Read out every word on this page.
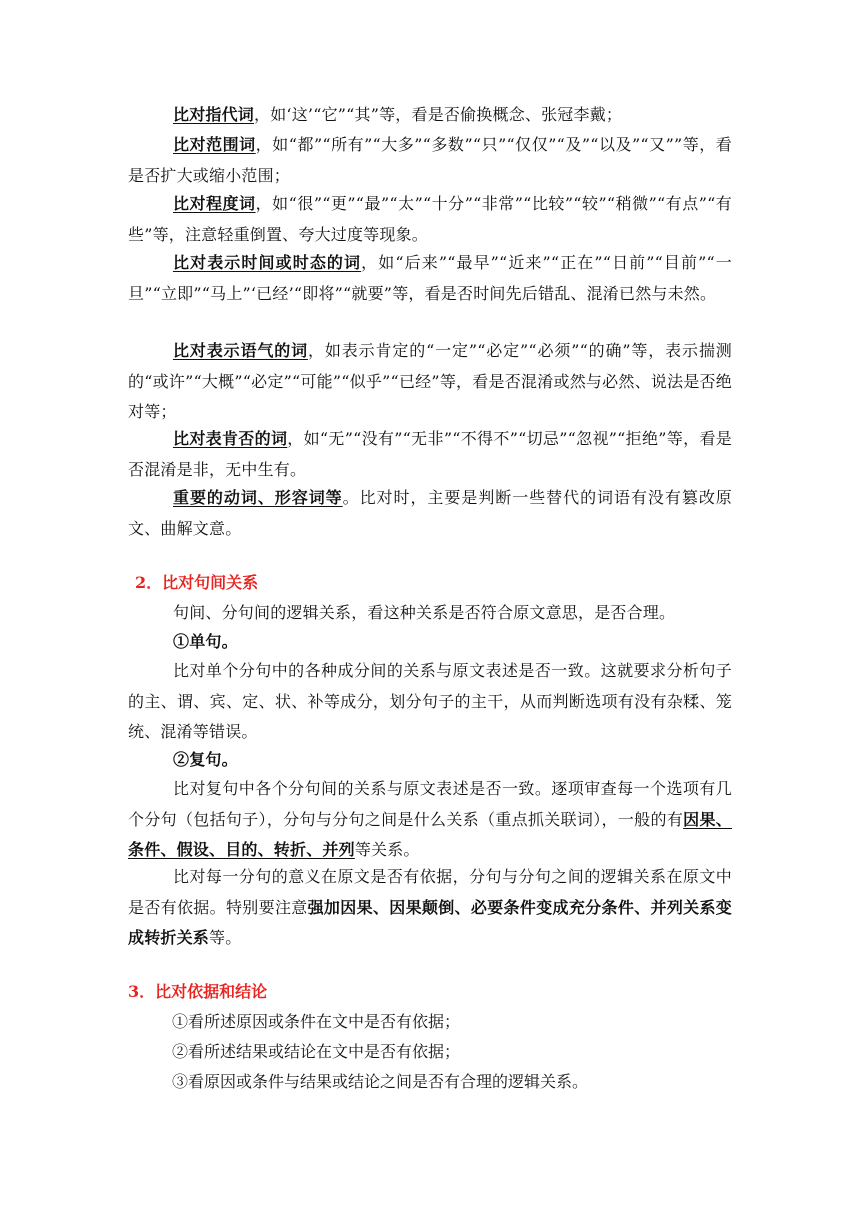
比对指代词，如‘这’“它”“其”等，看是否偷换概念、张冠李戴；

比对范围词，如“都”“所有”“大多”“多数”“只”“仅仅”“及”“以及”“又””等，看是否扩大或缩小范围；

比对程度词，如“很”“更”“最”“太”“十分”“非常”“比较”“较”“稍微”“有点”“有些”等，注意轻重倒置、夸大过度等现象。

比对表示时间或时态的词，如“后来”“最早”“近来”“正在”“日前”“目前”“一旦”“立即”“马上”‘已经’“即将”“就要”等，看是否时间先后错乱、混淆已然与未然。

比对表示语气的词，如表示肯定的“一定”“必定”“必须”“的确”等，表示揣测的“或许”“大概”“必定”“可能”“似乎”“已经”等，看是否混淆或然与必然、说法是否绝对等；

比对表肯否的词，如“无”“没有”“无非”“不得不”“切忌”“忽视”“拒绝”等，看是否混淆是非，无中生有。

重要的动词、形容词等。比对时，主要是判断一些替代的词语有没有篡改原文、曲解文意。

2．比对句间关系

句间、分句间的逻辑关系，看这种关系是否符合原文意思，是否合理。

①单句。

比对单个分句中的各种成分间的关系与原文表述是否一致。这就要求分析句子的主、谓、宾、定、状、补等成分，划分句子的主干，从而判断选项有没有杂糅、笼统、混淆等错误。

②复句。

比对复句中各个分句间的关系与原文表述是否一致。逐项审查每一个选项有几个分句（包括句子），分句与分句之间是什么关系（重点抓关联词），一般的有因果、条件、假设、目的、转折、并列等关系。

比对每一分句的意义在原文是否有依据，分句与分句之间的逻辑关系在原文中是否有依据。特别要注意强加因果、因果颠倒、必要条件变成充分条件、并列关系变成转折关系等。

3．比对依据和结论

①看所述原因或条件在文中是否有依据；

②看所述结果或结论在文中是否有依据；

③看原因或条件与结果或结论之间是否有合理的逻辑关系。
